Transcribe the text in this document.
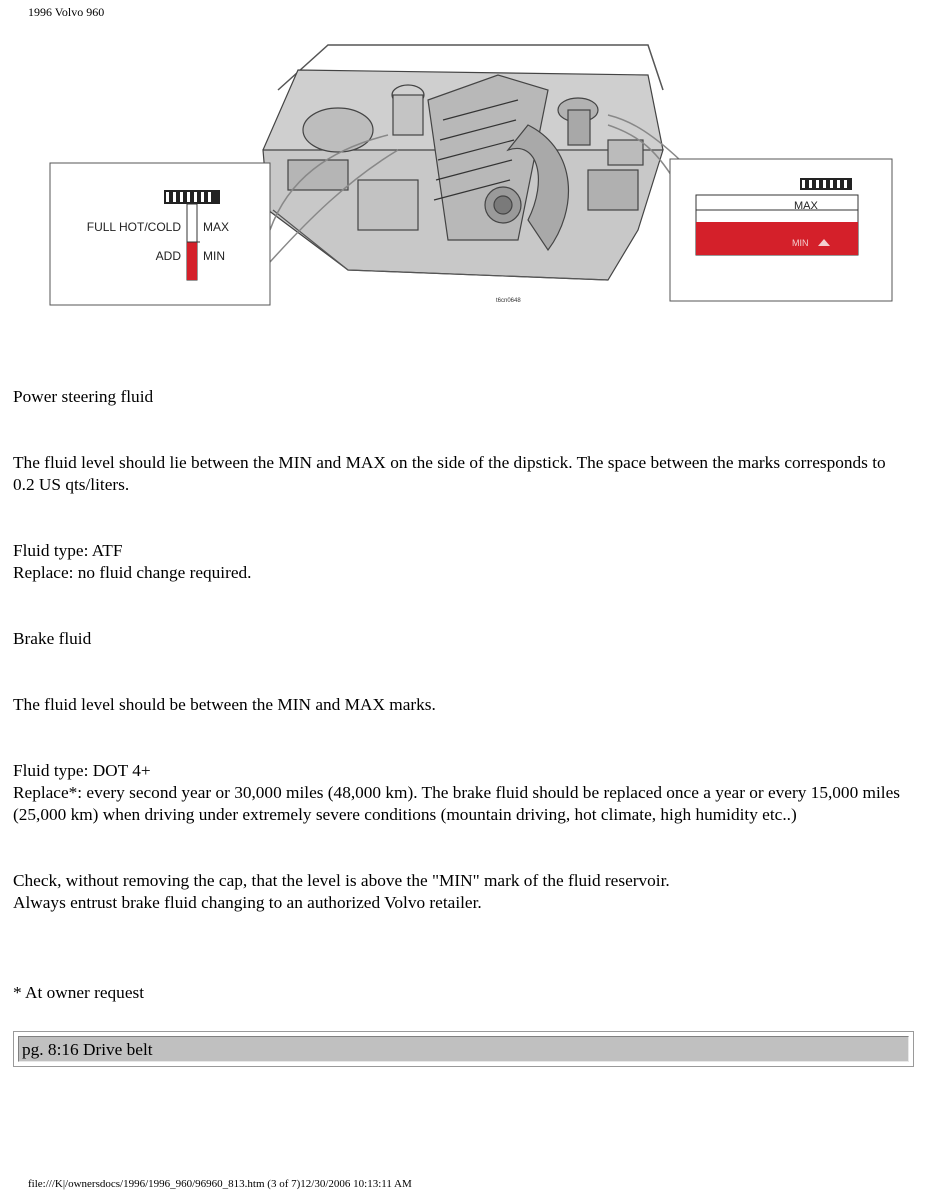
1996 Volvo 960
FULL HOT/COLD
ADD
MAX
MIN
MAX
MIN
t6cn0648

Power steering fluid

The fluid level should lie between the MIN and MAX on the side of the dipstick. The space between the marks corresponds to 0.2 US qts/liters.

Fluid type: ATF

Replace: no fluid change required.

Brake fluid

The fluid level should be between the MIN and MAX marks.

Fluid type: DOT 4+

Replace*: every second year or 30,000 miles (48,000 km). The brake fluid should be replaced once a year or every 15,000 miles (25,000 km) when driving under extremely severe conditions (mountain driving, hot climate, high humidity etc..)

Check, without removing the cap, that the level is above the "MIN" mark of the fluid reservoir.

Always entrust brake fluid changing to an authorized Volvo retailer.

* At owner request
pg. 8:16 Drive belt
file:///K|/ownersdocs/1996/1996_960/96960_813.htm (3 of 7)12/30/2006 10:13:11 AM
